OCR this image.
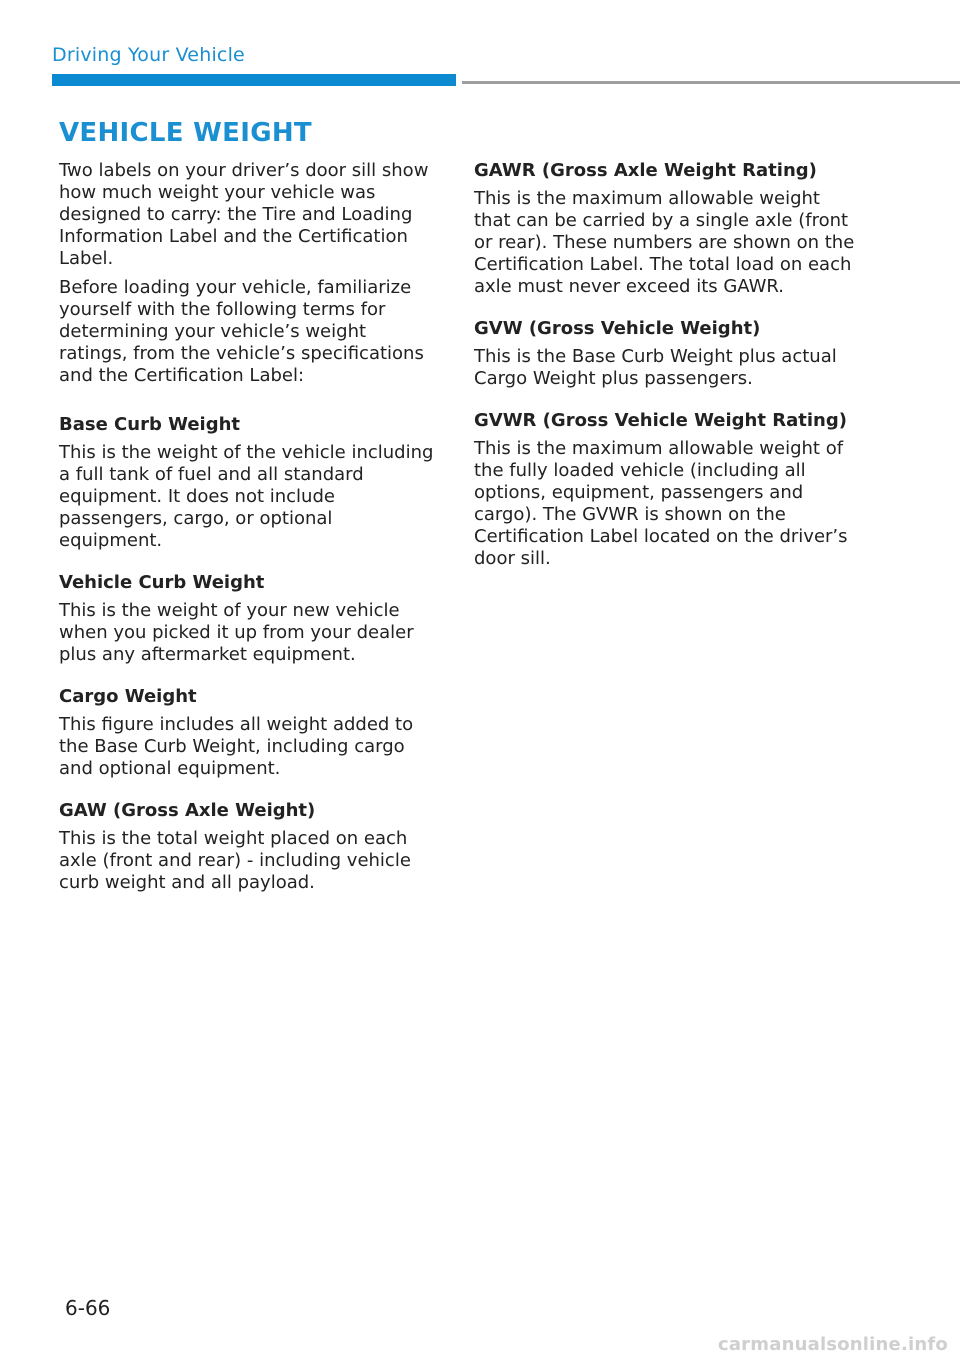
Driving Your Vehicle
VEHICLE WEIGHT

Two labels on your driver’s door sill show how much weight your vehicle was designed to carry: the Tire and Loading Information Label and the Certification Label.

Before loading your vehicle, familiarize yourself with the following terms for determining your vehicle’s weight ratings, from the vehicle’s specifications and the Certification Label:

Base Curb Weight

This is the weight of the vehicle including a full tank of fuel and all standard equipment. It does not include passengers, cargo, or optional equipment.

Vehicle Curb Weight

This is the weight of your new vehicle when you picked it up from your dealer plus any aftermarket equipment.

Cargo Weight

This figure includes all weight added to the Base Curb Weight, including cargo and optional equipment.

GAW (Gross Axle Weight)

This is the total weight placed on each axle (front and rear) - including vehicle curb weight and all payload.

GAWR (Gross Axle Weight Rating)

This is the maximum allowable weight that can be carried by a single axle (front or rear). These numbers are shown on the Certification Label. The total load on each axle must never exceed its GAWR.

GVW (Gross Vehicle Weight)

This is the Base Curb Weight plus actual Cargo Weight plus passengers.

GVWR (Gross Vehicle Weight Rating)

This is the maximum allowable weight of the fully loaded vehicle (including all options, equipment, passengers and cargo). The GVWR is shown on the Certification Label located on the driver’s door sill.

6-66
carmanualsonline.info
